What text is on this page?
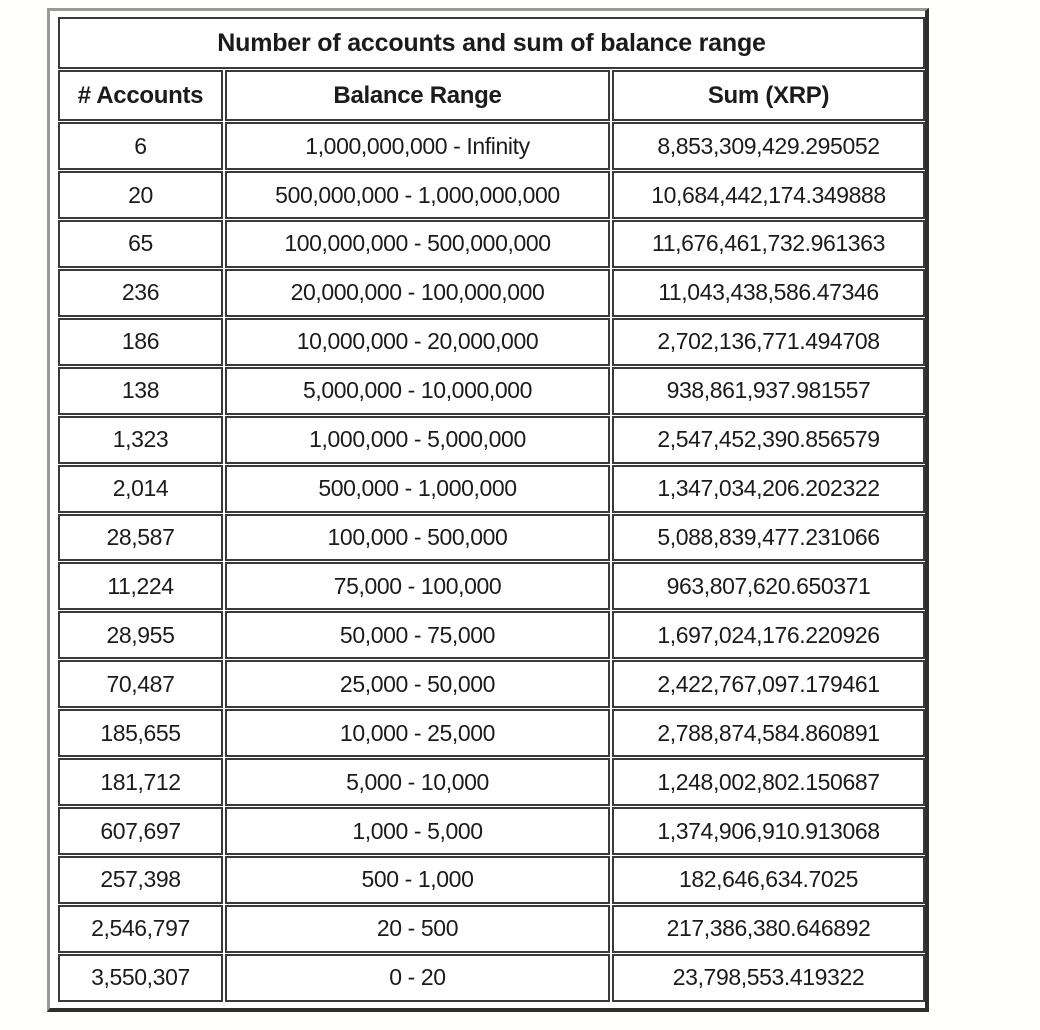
Number of accounts and sum of balance range		
# Accounts	Balance Range	Sum (XRP)
6	1,000,000,000 - Infinity	8,853,309,429.295052
20	500,000,000 - 1,000,000,000	10,684,442,174.349888
65	100,000,000 - 500,000,000	11,676,461,732.961363
236	20,000,000 - 100,000,000	11,043,438,586.47346
186	10,000,000 - 20,000,000	2,702,136,771.494708
138	5,000,000 - 10,000,000	938,861,937.981557
1,323	1,000,000 - 5,000,000	2,547,452,390.856579
2,014	500,000 - 1,000,000	1,347,034,206.202322
28,587	100,000 - 500,000	5,088,839,477.231066
11,224	75,000 - 100,000	963,807,620.650371
28,955	50,000 - 75,000	1,697,024,176.220926
70,487	25,000 - 50,000	2,422,767,097.179461
185,655	10,000 - 25,000	2,788,874,584.860891
181,712	5,000 - 10,000	1,248,002,802.150687
607,697	1,000 - 5,000	1,374,906,910.913068
257,398	500 - 1,000	182,646,634.7025
2,546,797	20 - 500	217,386,380.646892
3,550,307	0 - 20	23,798,553.419322
